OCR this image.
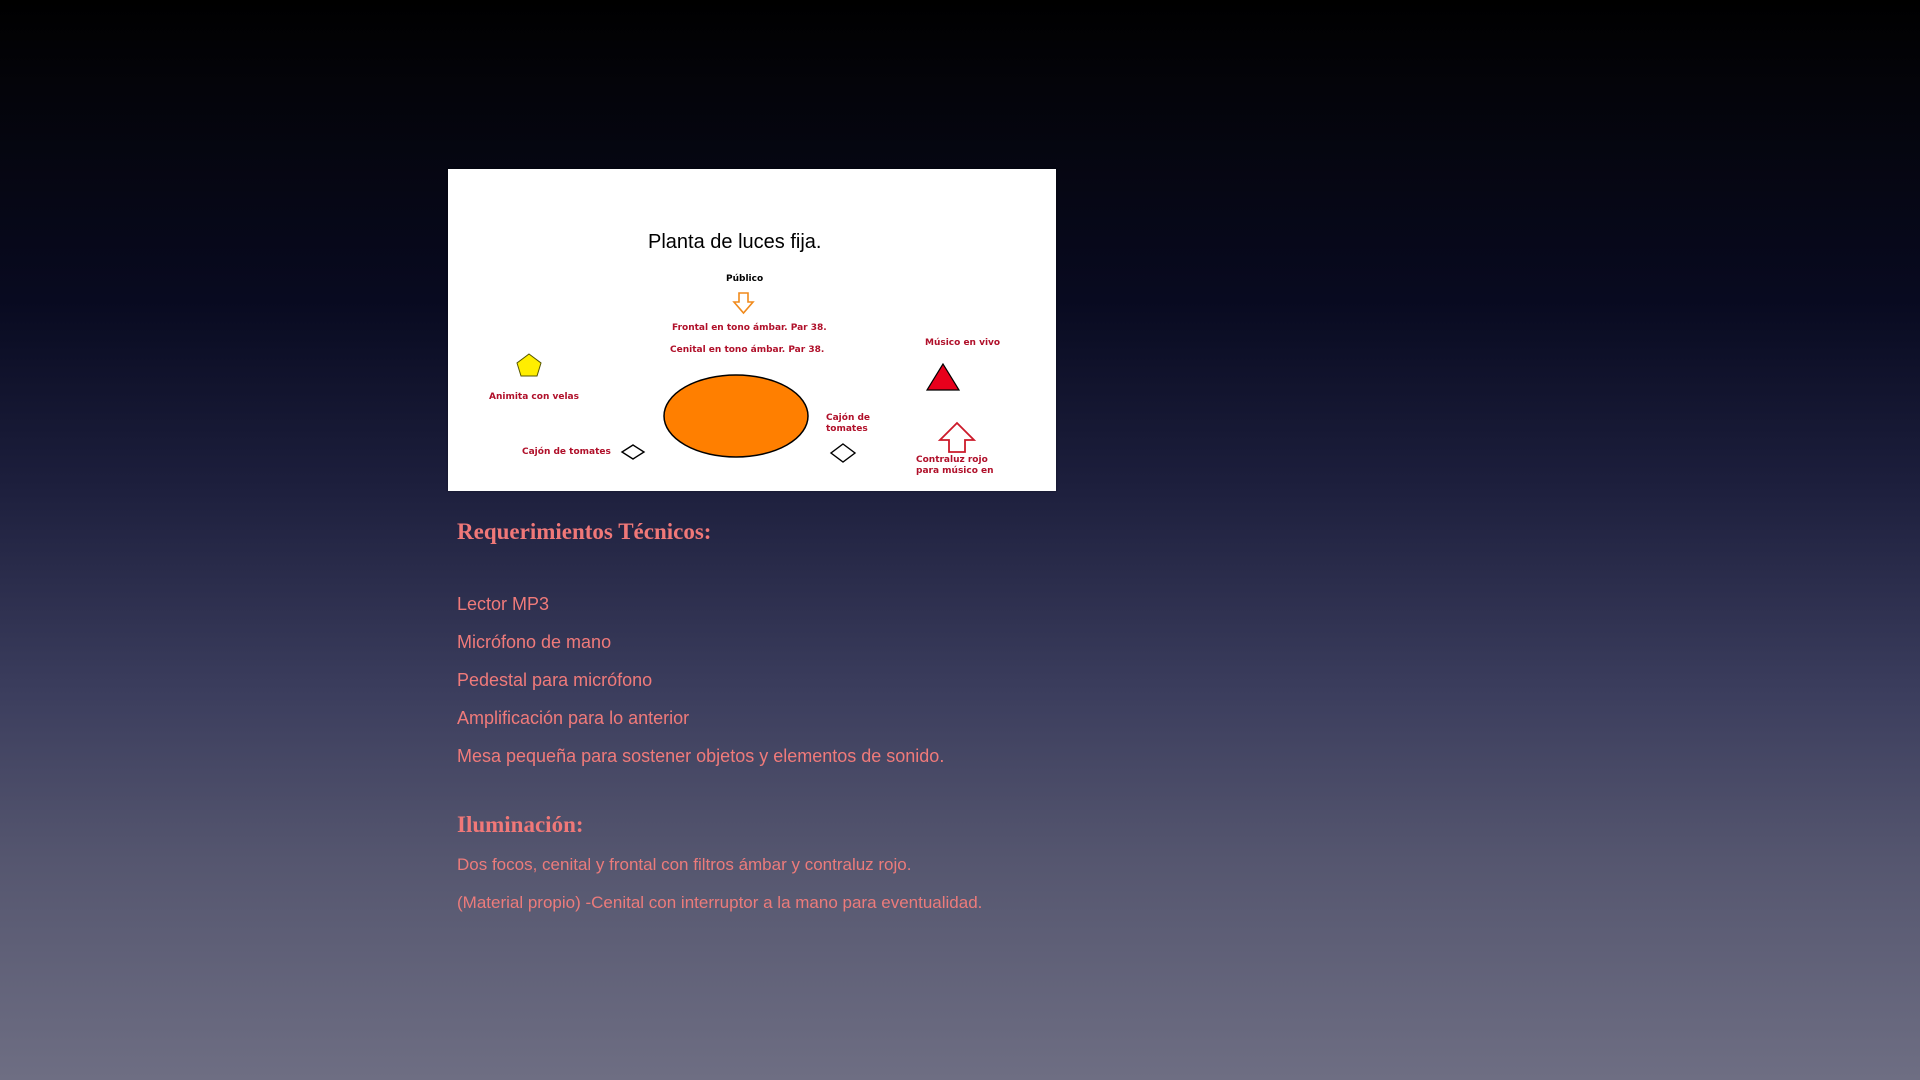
Planta de luces fija.
Público
Frontal en tono ámbar. Par 38.
Cenital en tono ámbar. Par 38.
Músico en vivo
Animita con velas
Cajón de
tomates
Cajón de tomates
Contraluz rojo
para músico en
Requerimientos Técnicos:
Lector MP3
Micrófono de mano
Pedestal para micrófono
Amplificación para lo anterior
Mesa pequeña para sostener objetos y elementos de sonido.
Iluminación:
Dos focos, cenital y frontal con filtros ámbar y contraluz rojo.
(Material propio) -Cenital con interruptor a la mano para eventualidad.
